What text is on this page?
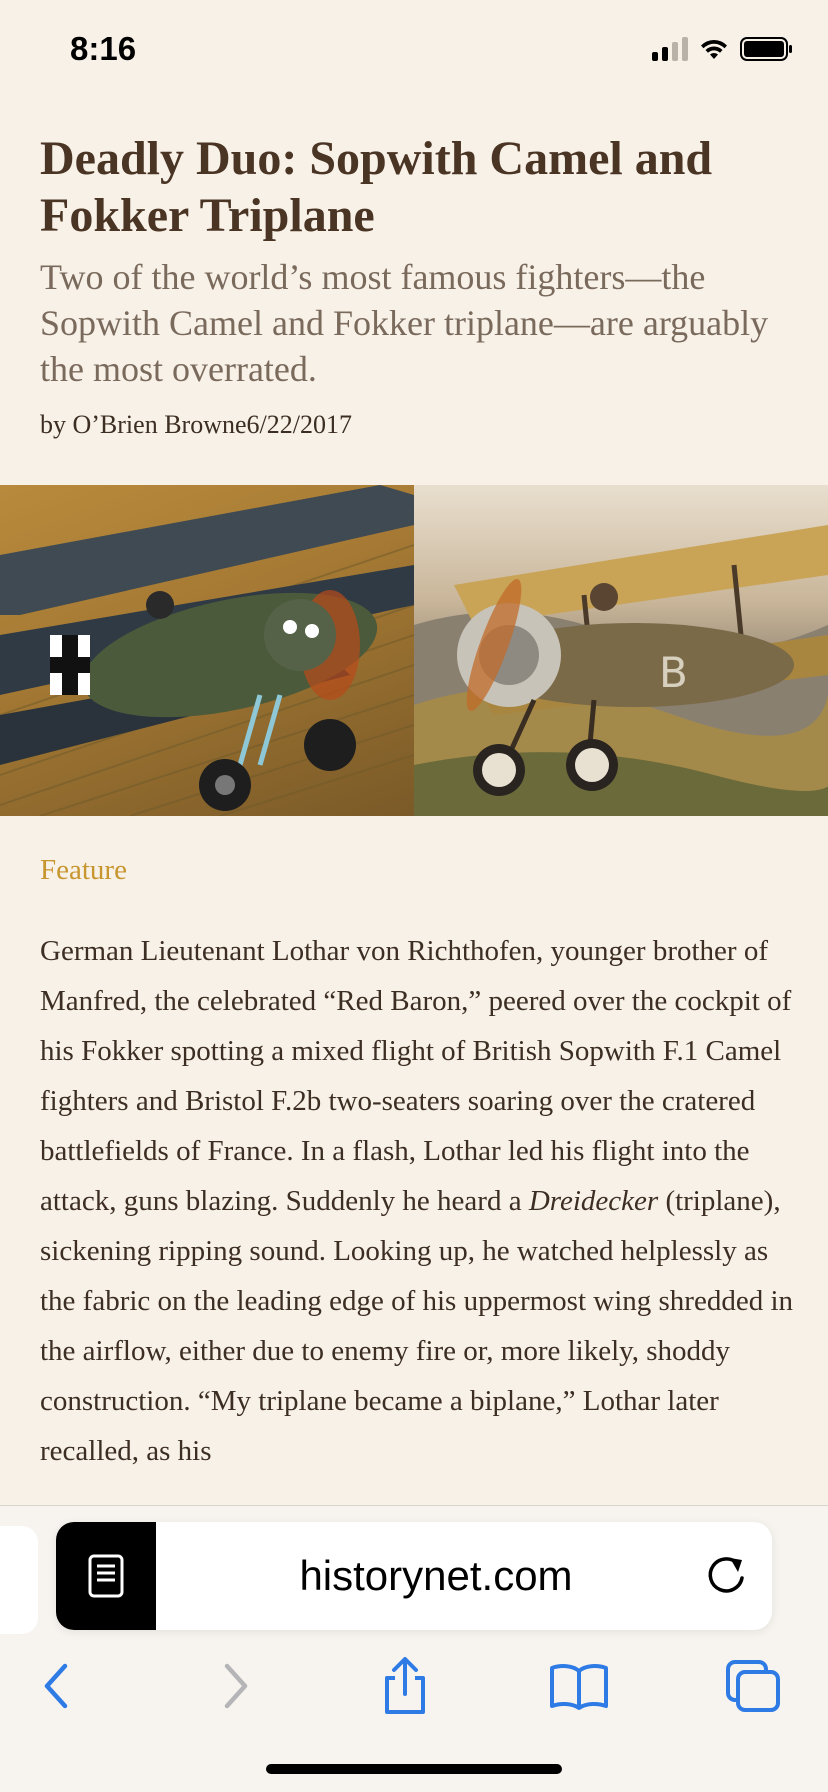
8:16
Deadly Duo: Sopwith Camel and Fokker Triplane

Two of the world’s most famous fighters—the Sopwith Camel and Fokker triplane—are arguably the most overrated.

by O’Brien Browne6/22/2017

B
Feature
German Lieutenant Lothar von Richthofen, younger brother of Manfred, the celebrated “Red Baron,” peered over the cockpit of his Fokker spotting a mixed flight of British Sopwith F.1 Camel fighters and Bristol F.2b two-seaters soaring over the cratered battlefields of France. In a flash, Lothar led his flight into the attack, guns blazing. Suddenly he heard a Dreidecker (triplane), sickening ripping sound. Looking up, he watched helplessly as the fabric on the leading edge of his uppermost wing shredded in the airflow, either due to enemy fire or, more likely, shoddy construction. “My triplane became a biplane,” Lothar later recalled, as his
historynet.com
